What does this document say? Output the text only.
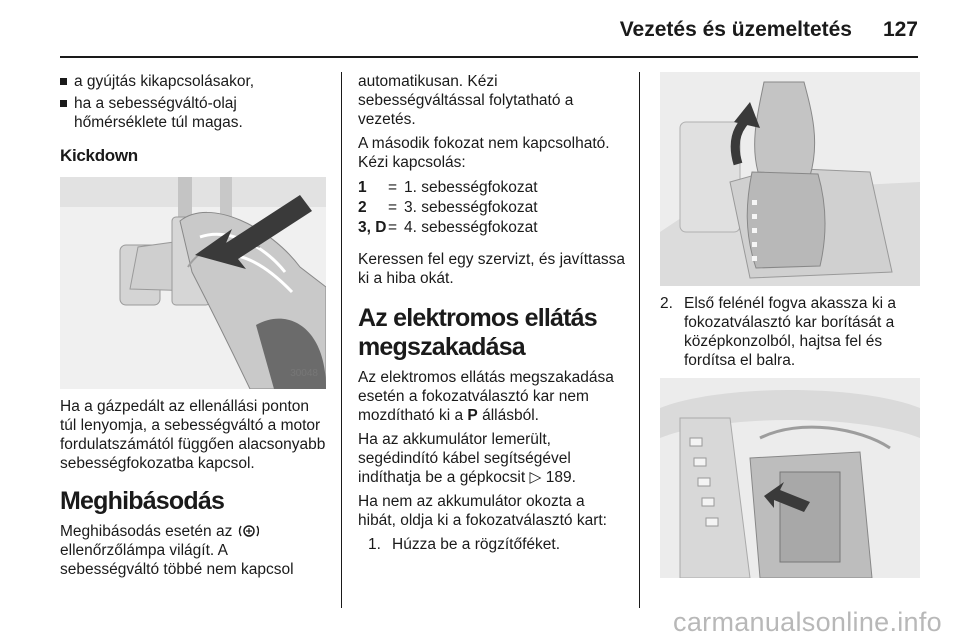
Vezetés és üzemeltetés 127
a gyújtás kikapcsolásakor,
ha a sebességváltó-olaj hőmérséklete túl magas.
Kickdown
30048

Ha a gázpedált az ellenállási ponton túl lenyomja, a sebességváltó a motor fordulatszámától függően alacsonyabb sebességfokozatba kapcsol.

Meghibásodás

Meghibásodás esetén az  ellenőrzőlámpa világít. A sebességváltó többé nem kapcsol

automatikusan. Kézi sebességváltással folytatható a vezetés.

A második fokozat nem kapcsolható. Kézi kapcsolás:

1	= 1. sebességfokozat
2	= 3. sebességfokozat
3, D = 4. sebességfokozat

Keressen fel egy szervizt, és javíttassa ki a hiba okát.

Az elektromos ellátás megszakadása

Az elektromos ellátás megszakadása esetén a fokozatválasztó kar nem mozdítható ki a P állásból.

Ha az akkumulátor lemerült, segédindító kábel segítségével indíthatja be a gépkocsit ▷ 189.

Ha nem az akkumulátor okozta a hibát, oldja ki a fokozatválasztó kart:

1. Húzza be a rögzítőféket.
2. Első felénél fogva akassza ki a fokozatválasztó kar borítását a középkonzolból, hajtsa fel és fordítsa el balra.
carmanualsonline.info
